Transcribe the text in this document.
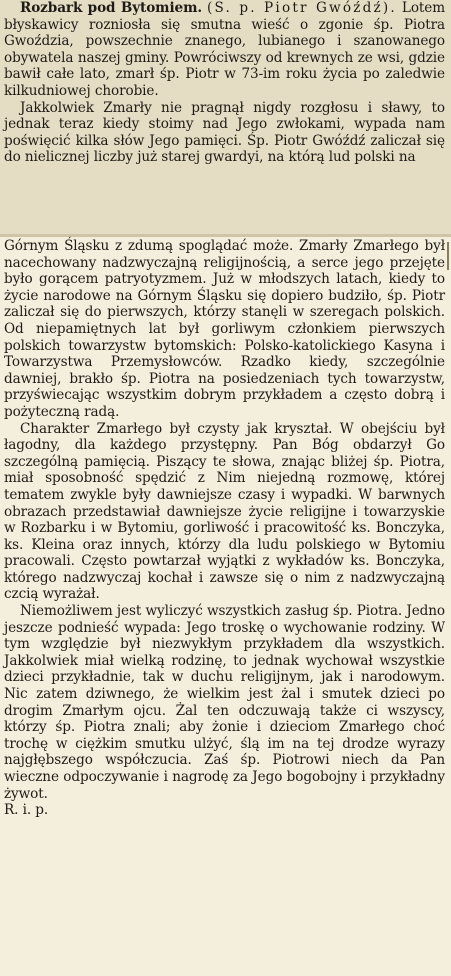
Rozbark pod Bytomiem. (S. p. Piotr Gwóźdź). Lotem błyskawicy rozniosła się smutna wieść o zgonie śp. Piotra Gwoździa, powszechnie znanego, lubianego i szanowanego obywatela naszej gminy. Powróciwszy od krewnych ze wsi, gdzie bawił całe lato, zmarł śp. Piotr w 73-im roku życia po zaledwie kilkudniowej chorobie.

Jakkolwiek Zmarły nie pragnął nigdy rozgłosu i sławy, to jednak teraz kiedy stoimy nad Jego zwłokami, wypada nam poświęcić kilka słów Jego pamięci. Śp. Piotr Gwóźdź zaliczał się do nielicznej liczby już starej gwardyi, na którą lud polski na

Górnym Śląsku z zdumą spoglądać może. Zmarły Zmarłego był nacechowany nadzwyczajną religijnością, a serce jego przejęte było gorącem patryotyzmem. Już w młodszych latach, kiedy to życie narodowe na Górnym Śląsku się dopiero budziło, śp. Piotr zaliczał się do pierwszych, którzy stanęli w szeregach polskich. Od niepamiętnych lat był gorliwym członkiem pierwszych polskich towarzystw bytomskich: Polsko-katolickiego Kasyna i Towarzystwa Przemysłowców. Rzadko kiedy, szczególnie dawniej, brakło śp. Piotra na posiedzeniach tych towarzystw, przyświecając wszystkim dobrym przykładem a często dobrą i pożyteczną radą.

Charakter Zmarłego był czysty jak kryształ. W obejściu był łagodny, dla każdego przystępny. Pan Bóg obdarzył Go szczególną pamięcią. Piszący te słowa, znając bliżej śp. Piotra, miał sposobność spędzić z Nim niejedną rozmowę, której tematem zwykle były dawniejsze czasy i wypadki. W barwnych obrazach przedstawiał dawniejsze życie religijne i towarzyskie w Rozbarku i w Bytomiu, gorliwość i pracowitość ks. Bonczyka, ks. Kleina oraz innych, którzy dla ludu polskiego w Bytomiu pracowali. Często powtarzał wyjątki z wykładów ks. Bonczyka, którego nadzwyczaj kochał i zawsze się o nim z nadzwyczajną czcią wyrażał.

Niemożliwem jest wyliczyć wszystkich zasług śp. Piotra. Jedno jeszcze podnieść wypada: Jego troskę o wychowanie rodziny. W tym względzie był niezwykłym przykładem dla wszystkich. Jakkolwiek miał wielką rodzinę, to jednak wychował wszystkie dzieci przykładnie, tak w duchu religijnym, jak i narodowym. Nic zatem dziwnego, że wielkim jest żal i smutek dzieci po drogim Zmarłym ojcu. Żal ten odczuwają także ci wszyscy, którzy śp. Piotra znali; aby żonie i dzieciom Zmarłego choć trochę w ciężkim smutku ulżyć, ślą im na tej drodze wyrazy najgłębszego współczucia. Zaś śp. Piotrowi niech da Pan wieczne odpoczywanie i nagrodę za Jego bogobojny i przykładny żywot.

R. i. p.
